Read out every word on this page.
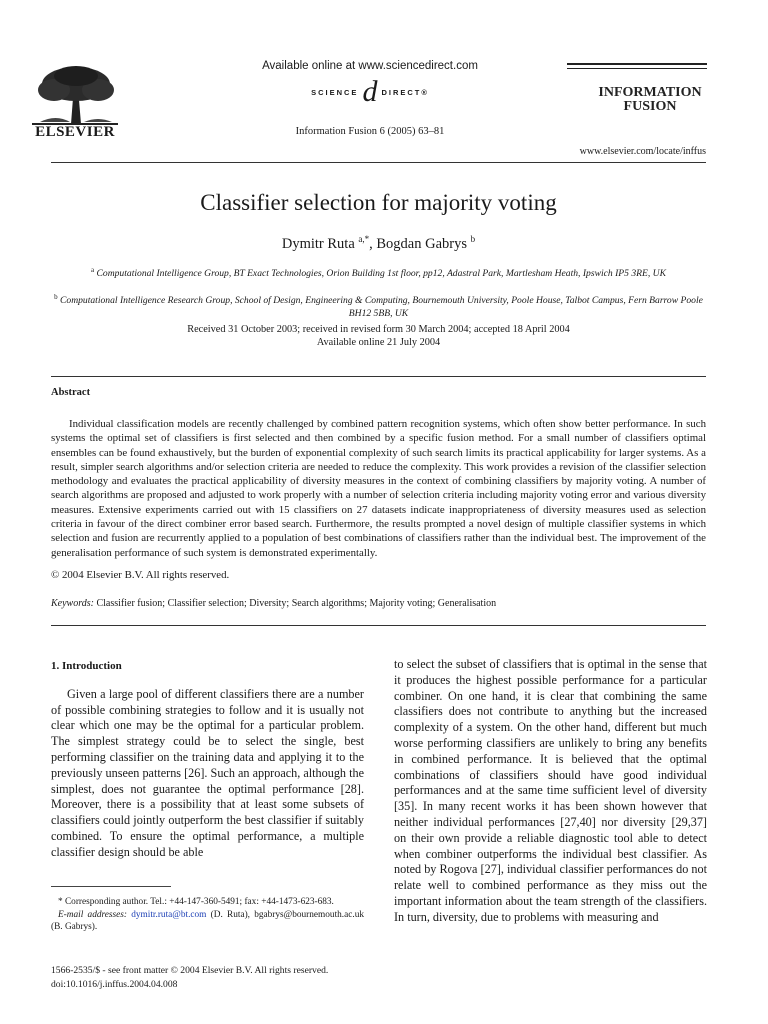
ELSEVIER
Available online at www.sciencedirect.com
SCIENCE d DIRECT®
Information Fusion 6 (2005) 63–81
INFORMATION
FUSION
www.elsevier.com/locate/inffus
Classifier selection for majority voting
Dymitr Ruta $^{a,*}$, Bogdan Gabrys $^b$
$^a$ Computational Intelligence Group, BT Exact Technologies, Orion Building 1st floor, pp12, Adastral Park, Martlesham Heath, Ipswich IP5 3RE, UK
$^b$ Computational Intelligence Research Group, School of Design, Engineering & Computing, Bournemouth University, Poole House, Talbot Campus, Fern Barrow Poole BH12 5BB, UK
Received 31 October 2003; received in revised form 30 March 2004; accepted 18 April 2004
Available online 21 July 2004
Abstract

Individual classification models are recently challenged by combined pattern recognition systems, which often show better performance. In such systems the optimal set of classifiers is first selected and then combined by a specific fusion method. For a small number of classifiers optimal ensembles can be found exhaustively, but the burden of exponential complexity of such search limits its practical applicability for larger systems. As a result, simpler search algorithms and/or selection criteria are needed to reduce the complexity. This work provides a revision of the classifier selection methodology and evaluates the practical applicability of diversity measures in the context of combining classifiers by majority voting. A number of search algorithms are proposed and adjusted to work properly with a number of selection criteria including majority voting error and various diversity measures. Extensive experiments carried out with 15 classifiers on 27 datasets indicate inappropriateness of diversity measures used as selection criteria in favour of the direct combiner error based search. Furthermore, the results prompted a novel design of multiple classifier systems in which selection and fusion are recurrently applied to a population of best combinations of classifiers rather than the individual best. The improvement of the generalisation performance of such system is demonstrated experimentally.

© 2004 Elsevier B.V. All rights reserved.
Keywords: Classifier fusion; Classifier selection; Diversity; Search algorithms; Majority voting; Generalisation
1. Introduction

Given a large pool of different classifiers there are a number of possible combining strategies to follow and it is usually not clear which one may be the optimal for a particular problem. The simplest strategy could be to select the single, best performing classifier on the training data and applying it to the previously unseen patterns [26]. Such an approach, although the simplest, does not guarantee the optimal performance [28]. Moreover, there is a possibility that at least some subsets of classifiers could jointly outperform the best classifier if suitably combined. To ensure the optimal performance, a multiple classifier design should be able

to select the subset of classifiers that is optimal in the sense that it produces the highest possible performance for a particular combiner. On one hand, it is clear that combining the same classifiers does not contribute to anything but the increased complexity of a system. On the other hand, different but much worse performing classifiers are unlikely to bring any benefits in combined performance. It is believed that the optimal combinations of classifiers should have good individual performances and at the same time sufficient level of diversity [35]. In many recent works it has been shown however that neither individual performances [27,40] nor diversity [29,37] on their own provide a reliable diagnostic tool able to detect when combiner outperforms the individual best classifier. As noted by Rogova [27], individual classifier performances do not relate well to combined performance as they miss out the important information about the team strength of the classifiers. In turn, diversity, due to problems with measuring and

* Corresponding author. Tel.: +44-147-360-5491; fax: +44-1473-623-683.

E-mail addresses: dymitr.ruta@bt.com (D. Ruta), bgabrys@bournemouth.ac.uk (B. Gabrys).

1566-2535/$ - see front matter © 2004 Elsevier B.V. All rights reserved.
doi:10.1016/j.inffus.2004.04.008
